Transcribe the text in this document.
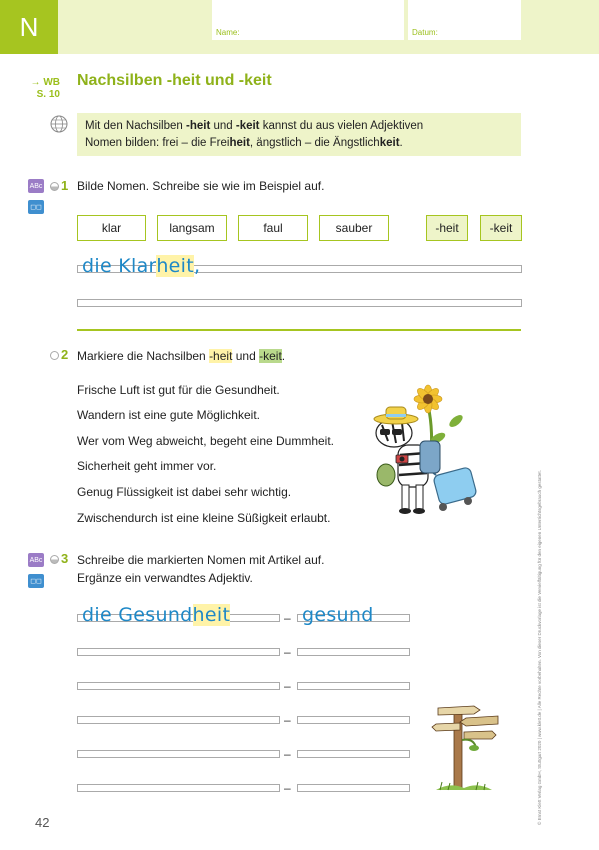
N	Name:	Datum:
→ WB
S. 10
Nachsilben -heit und -keit
Mit den Nachsilben -heit und -keit kannst du aus vielen Adjektiven
Nomen bilden: frei – die Freiheit, ängstlich – die Ängstlichkeit.
ABc
◻◻
1 Bilde Nomen. Schreibe sie wie im Beispiel auf.
klar	langsam	faul	sauber	-heit	-keit
die Klarheit,
2 Markiere die Nachsilben -heit und -keit.
Frische Luft ist gut für die Gesundheit.
Wandern ist eine gute Möglichkeit.
Wer vom Weg abweicht, begeht eine Dummheit.
Sicherheit geht immer vor.
Genug Flüssigkeit ist dabei sehr wichtig.
Zwischendurch ist eine kleine Süßigkeit erlaubt.
ABc
◻◻
3 Schreibe die markierten Nomen mit Artikel auf.
Ergänze ein verwandtes Adjektiv.
die Gesundheit	– gesund
–
–
–
–
–
42	© Ernst Klett Verlag GmbH, Stuttgart 2020 | www.klett.de | Alle Rechte vorbehalten. Von dieser Druckvorlage ist die Vervielfältigung für den eigenen Unterrichtsgebrauch gestattet.
